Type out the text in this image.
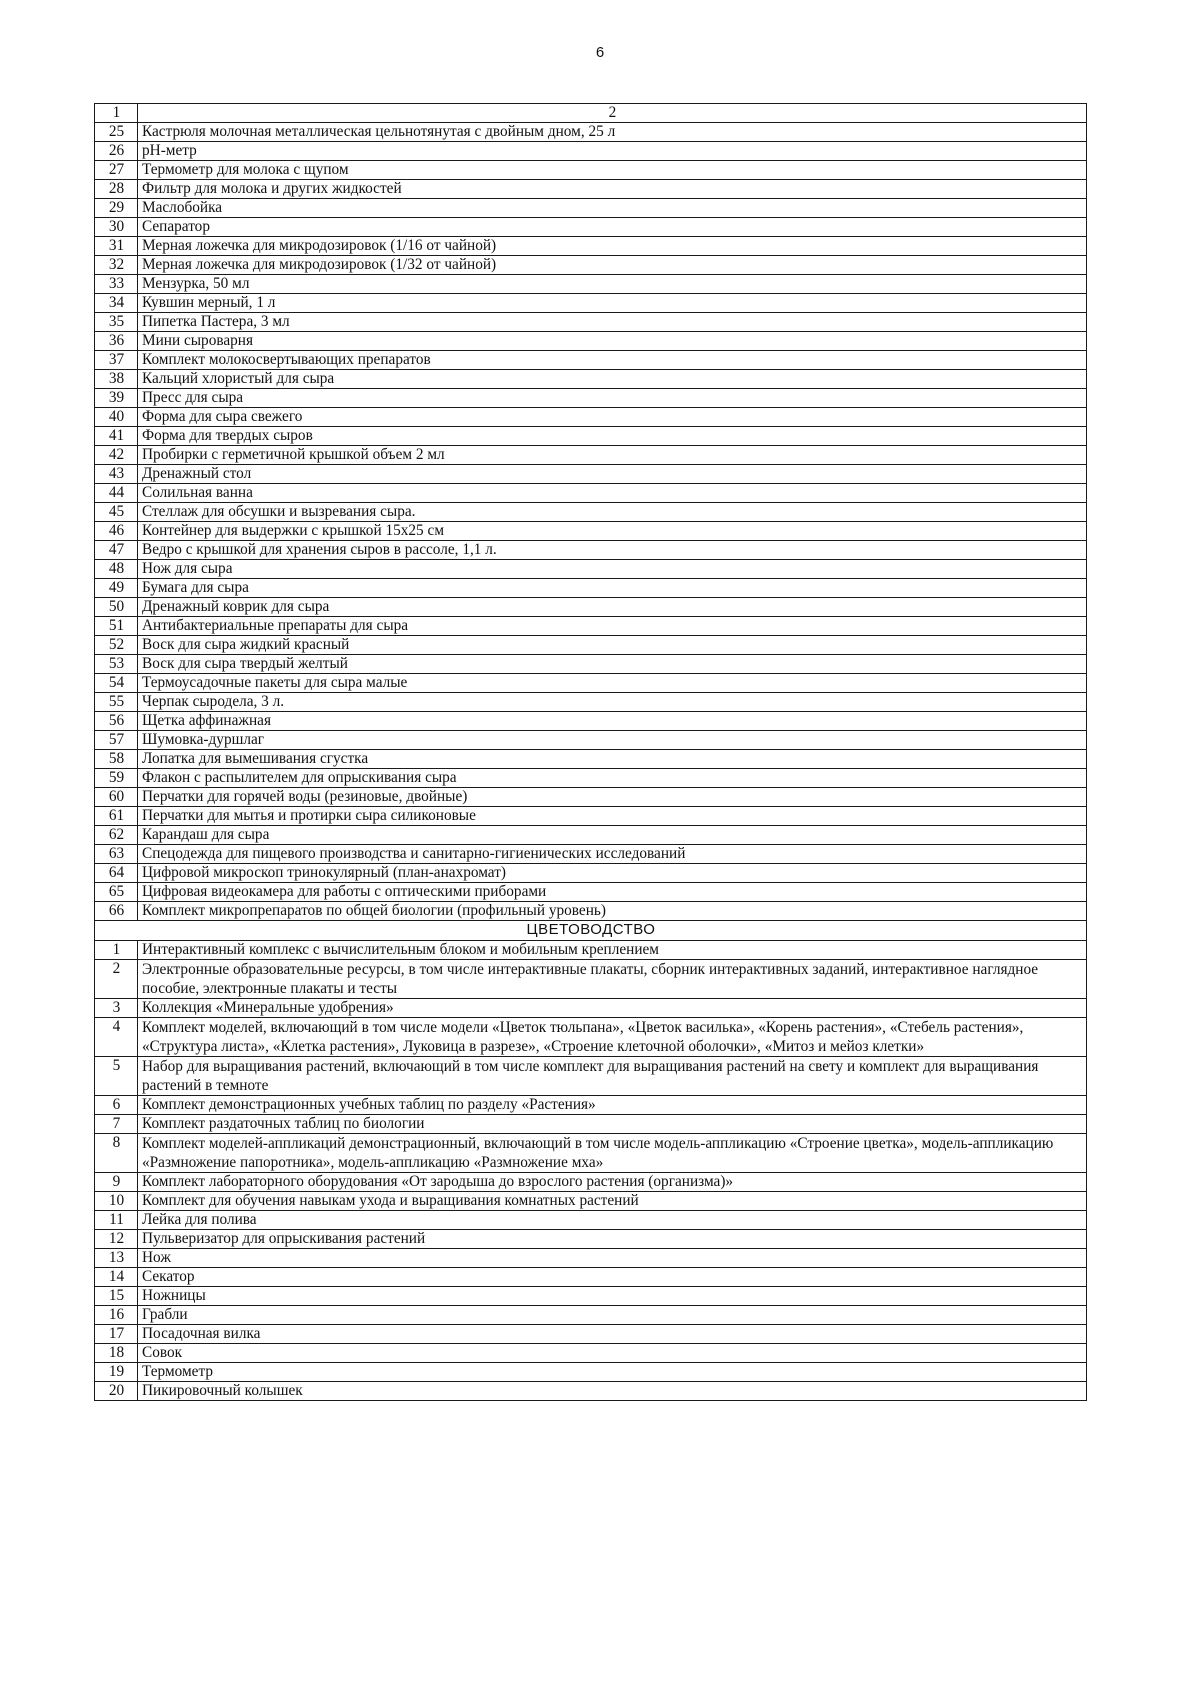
6
1	2
25	Кастрюля молочная металлическая цельнотянутая с двойным дном, 25 л
26	рН-метр
27	Термометр для молока с щупом
28	Фильтр для молока и других жидкостей
29	Маслобойка
30	Сепаратор
31	Мерная ложечка для микродозировок (1/16 от чайной)
32	Мерная ложечка для микродозировок (1/32 от чайной)
33	Мензурка, 50 мл
34	Кувшин мерный, 1 л
35	Пипетка Пастера, 3 мл
36	Мини сыроварня
37	Комплект молокосвертывающих препаратов
38	Кальций хлористый для сыра
39	Пресс для сыра
40	Форма для сыра свежего
41	Форма для твердых сыров
42	Пробирки с герметичной крышкой объем 2 мл
43	Дренажный стол
44	Солильная ванна
45	Стеллаж для обсушки и вызревания сыра.
46	Контейнер для выдержки с крышкой 15х25 см
47	Ведро с крышкой для хранения сыров в рассоле, 1,1 л.
48	Нож для сыра
49	Бумага для сыра
50	Дренажный коврик для сыра
51	Антибактериальные препараты для сыра
52	Воск для сыра жидкий красный
53	Воск для сыра твердый желтый
54	Термоусадочные пакеты для сыра малые
55	Черпак сыродела, 3 л.
56	Щетка аффинажная
57	Шумовка-дуршлаг
58	Лопатка для вымешивания сгустка
59	Флакон с распылителем для опрыскивания сыра
60	Перчатки для горячей воды (резиновые, двойные)
61	Перчатки для мытья и протирки сыра силиконовые
62	Карандаш для сыра
63	Спецодежда для пищевого производства и санитарно-гигиенических исследований
64	Цифровой микроскоп тринокулярный (план-анахромат)
65	Цифровая видеокамера для работы с оптическими приборами
66	Комплект микропрепаратов по общей биологии (профильный уровень)
ЦВЕТОВОДСТВО	
1	Интерактивный комплекс с вычислительным блоком и мобильным креплением
2	Электронные образовательные ресурсы, в том числе интерактивные плакаты, сборник интерактивных заданий, интерактивное наглядное пособие, электронные плакаты и тесты
3	Коллекция «Минеральные удобрения»
4	Комплект моделей, включающий в том числе модели «Цветок тюльпана», «Цветок василька», «Корень растения», «Стебель растения», «Структура листа», «Клетка растения», Луковица в разрезе», «Строение клеточной оболочки», «Митоз и мейоз клетки»
5	Набор для выращивания растений, включающий в том числе комплект для выращивания растений на свету и комплект для выращивания растений в темноте
6	Комплект демонстрационных учебных таблиц по разделу «Растения»
7	Комплект раздаточных таблиц по биологии
8	Комплект моделей-аппликаций демонстрационный, включающий в том числе модель-аппликацию «Строение цветка», модель-аппликацию «Размножение папоротника», модель-аппликацию «Размножение мха»
9	Комплект лабораторного оборудования «От зародыша до взрослого растения (организма)»
10	Комплект для обучения навыкам ухода и выращивания комнатных растений
11	Лейка для полива
12	Пульверизатор для опрыскивания растений
13	Нож
14	Секатор
15	Ножницы
16	Грабли
17	Посадочная вилка
18	Совок
19	Термометр
20	Пикировочный колышек
